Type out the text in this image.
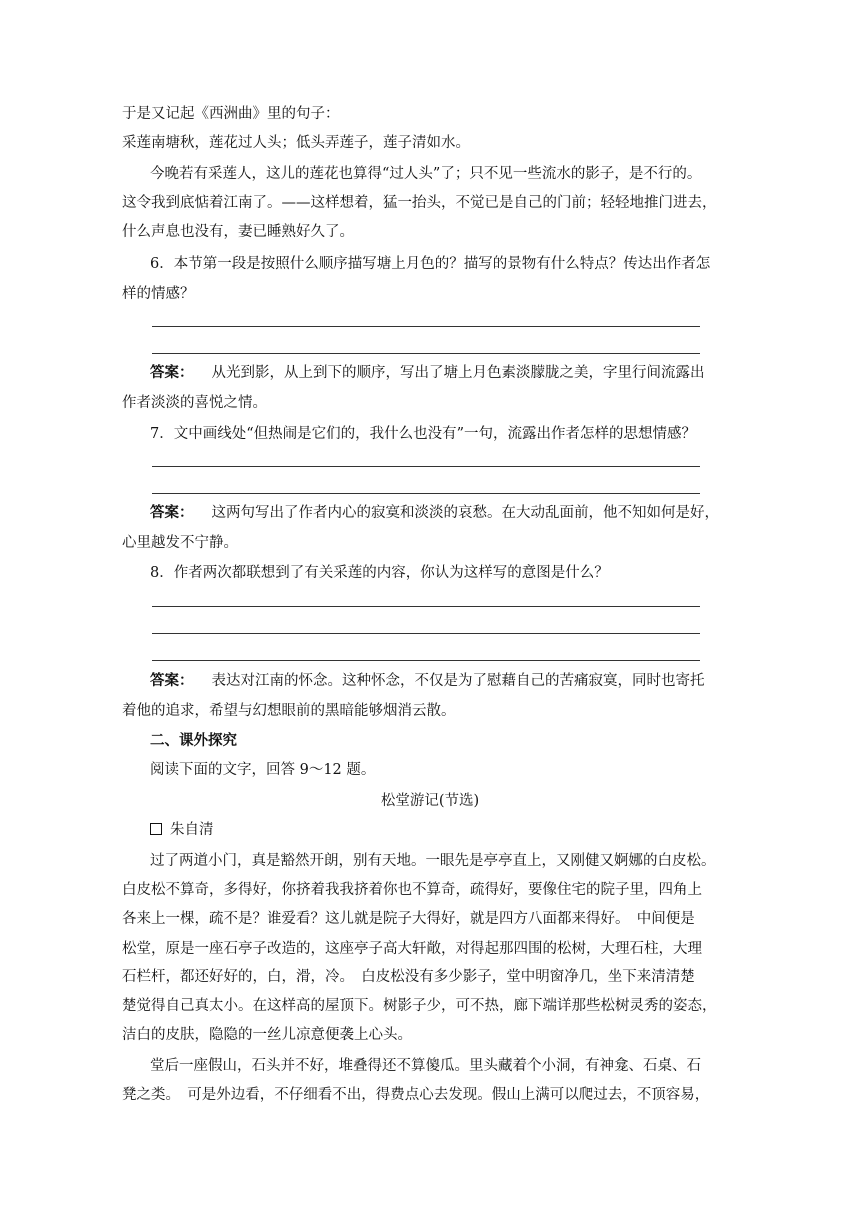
于是又记起《西洲曲》里的句子：

采莲南塘秋，莲花过人头；低头弄莲子，莲子清如水。

今晚若有采莲人，这儿的莲花也算得“过人头”了；只不见一些流水的影子，是不行的。

这令我到底惦着江南了。——这样想着，猛一抬头，不觉已是自己的门前；轻轻地推门进去，

什么声息也没有，妻已睡熟好久了。

6．本节第一段是按照什么顺序描写塘上月色的？描写的景物有什么特点？传达出作者怎

样的情感？

答案： 从光到影，从上到下的顺序，写出了塘上月色素淡朦胧之美，字里行间流露出

作者淡淡的喜悦之情。

7．文中画线处“但热闹是它们的，我什么也没有”一句，流露出作者怎样的思想情感？

答案： 这两句写出了作者内心的寂寞和淡淡的哀愁。在大动乱面前，他不知如何是好，

心里越发不宁静。

8．作者两次都联想到了有关采莲的内容，你认为这样写的意图是什么？

答案： 表达对江南的怀念。这种怀念，不仅是为了慰藉自己的苦痛寂寞，同时也寄托

着他的追求，希望与幻想眼前的黑暗能够烟消云散。

二、课外探究

阅读下面的文字，回答 9～12 题。

松堂游记(节选)

朱自清

过了两道小门，真是豁然开朗，别有天地。一眼先是亭亭直上，又刚健又婀娜的白皮松。

白皮松不算奇，多得好，你挤着我我挤着你也不算奇，疏得好，要像住宅的院子里，四角上

各来上一棵，疏不是？谁爱看？这儿就是院子大得好，就是四方八面都来得好。　中间便是

松堂，原是一座石亭子改造的，这座亭子高大轩敞，对得起那四围的松树，大理石柱，大理

石栏杆，都还好好的，白，滑，冷。　白皮松没有多少影子，堂中明窗净几，坐下来清清楚

楚觉得自己真太小。在这样高的屋顶下。树影子少，可不热，廊下端详那些松树灵秀的姿态，

洁白的皮肤，隐隐的一丝儿凉意便袭上心头。

堂后一座假山，石头并不好，堆叠得还不算傻瓜。里头藏着个小洞，有神龛、石桌、石

凳之类。　可是外边看，不仔细看不出，得费点心去发现。假山上满可以爬过去，不顶容易，
